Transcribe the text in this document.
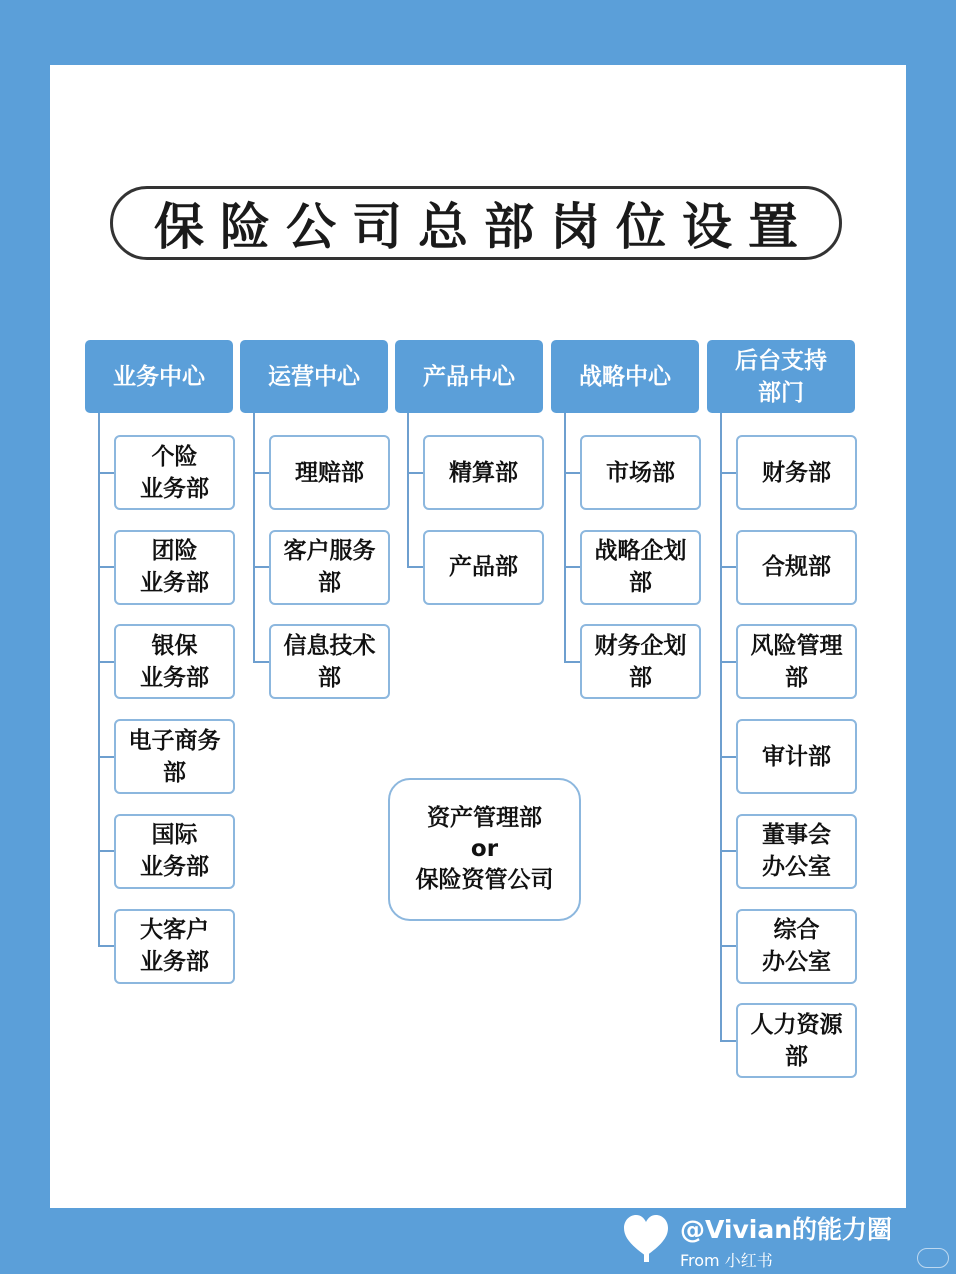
保险公司总部岗位设置
业务中心
个险
业务部
团险
业务部
银保
业务部
电子商务
部
国际
业务部
大客户
业务部
运营中心
理赔部
客户服务
部
信息技术
部
产品中心
精算部
产品部
战略中心
市场部
战略企划
部
财务企划
部
后台支持
部门
财务部
合规部
风险管理
部
审计部
董事会
办公室
综合
办公室
人力资源
部
资产管理部
or
保险资管公司
@Vivian的能力圈
From 小红书
